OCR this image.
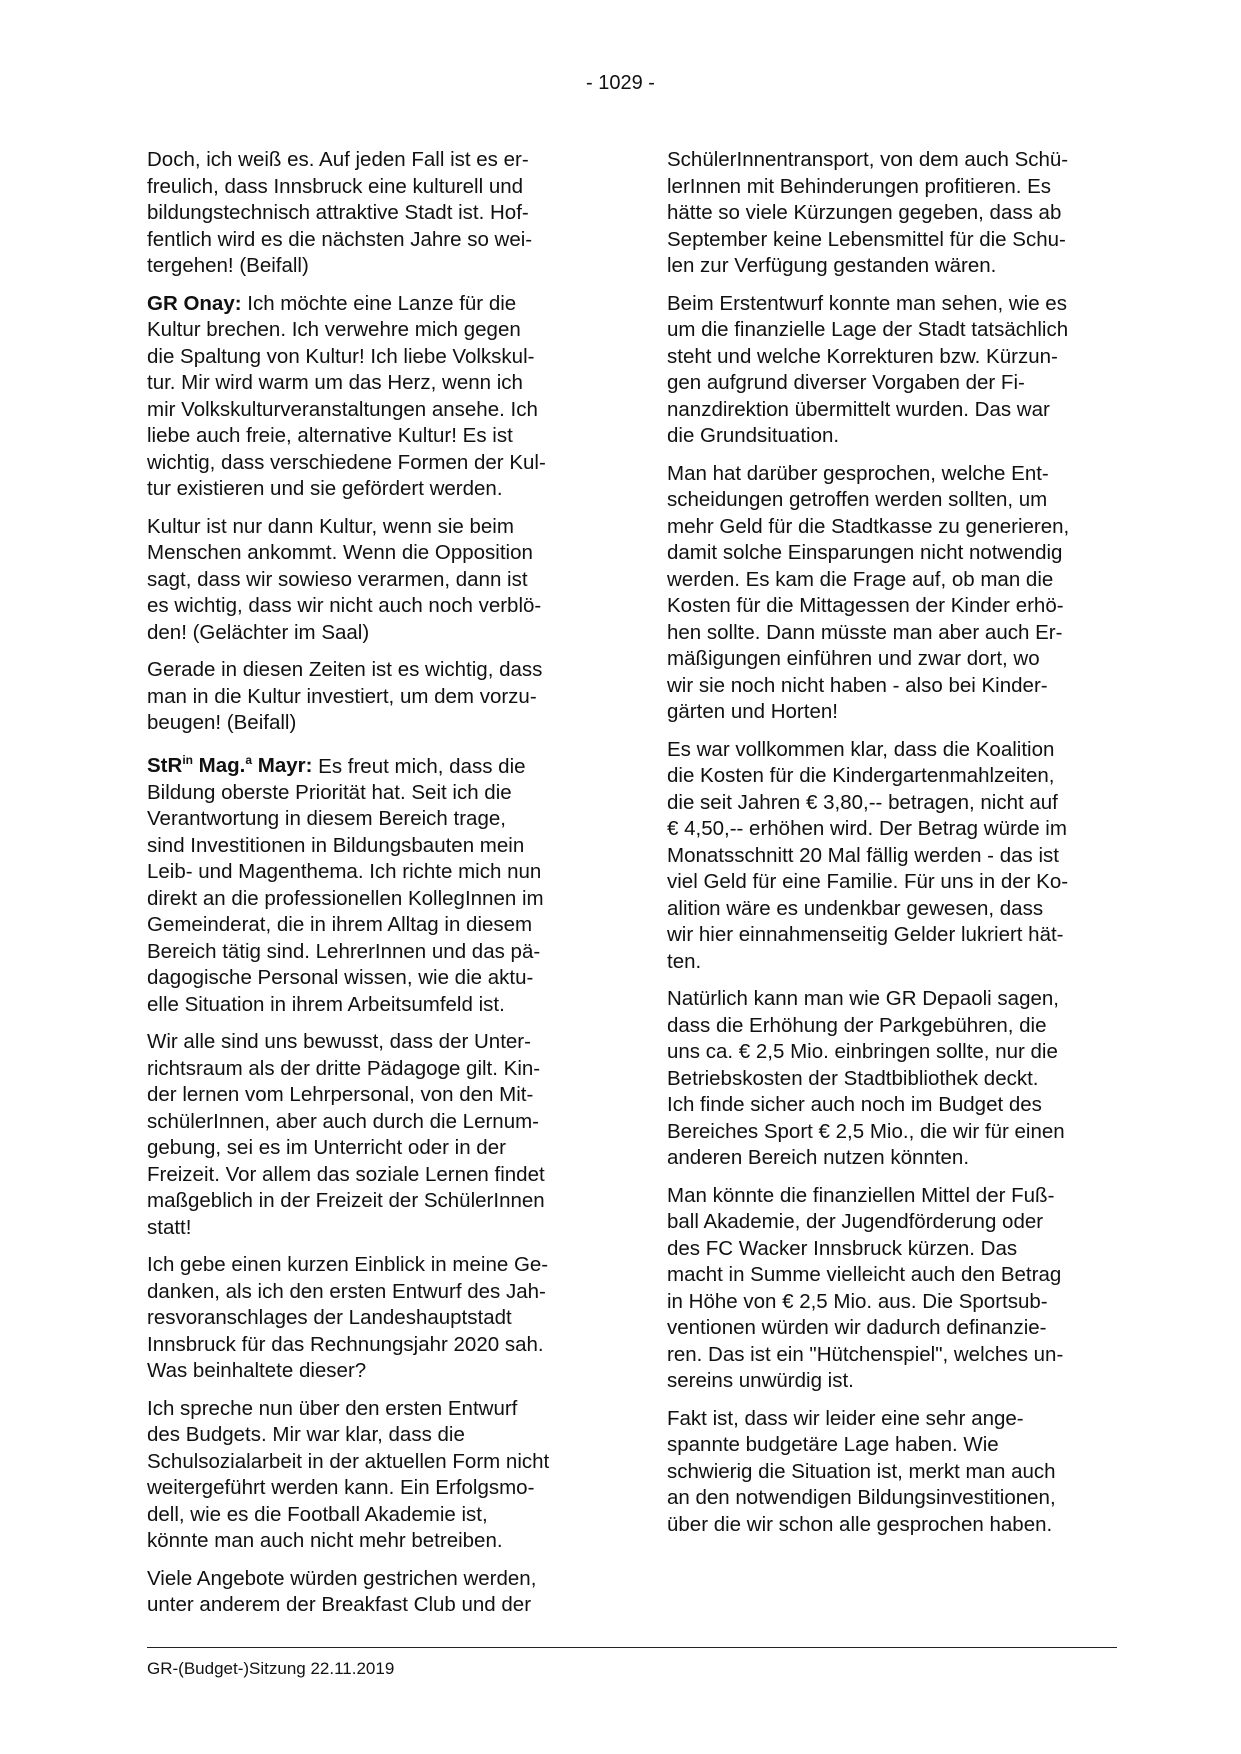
- 1029 -

Doch, ich weiß es. Auf jeden Fall ist es er-
freulich, dass Innsbruck eine kulturell und
bildungstechnisch attraktive Stadt ist. Hof-
fentlich wird es die nächsten Jahre so wei-
tergehen! (Beifall)

GR Onay: Ich möchte eine Lanze für die
Kultur brechen. Ich verwehre mich gegen
die Spaltung von Kultur! Ich liebe Volkskul-
tur. Mir wird warm um das Herz, wenn ich
mir Volkskulturveranstaltungen ansehe. Ich
liebe auch freie, alternative Kultur! Es ist
wichtig, dass verschiedene Formen der Kul-
tur existieren und sie gefördert werden.

Kultur ist nur dann Kultur, wenn sie beim
Menschen ankommt. Wenn die Opposition
sagt, dass wir sowieso verarmen, dann ist
es wichtig, dass wir nicht auch noch verblö-
den! (Gelächter im Saal)

Gerade in diesen Zeiten ist es wichtig, dass
man in die Kultur investiert, um dem vorzu-
beugen! (Beifall)

StR$^{in}$ Mag.$^a$ Mayr: Es freut mich, dass die
Bildung oberste Priorität hat. Seit ich die
Verantwortung in diesem Bereich trage,
sind Investitionen in Bildungsbauten mein
Leib- und Magenthema. Ich richte mich nun
direkt an die professionellen KollegInnen im
Gemeinderat, die in ihrem Alltag in diesem
Bereich tätig sind. LehrerInnen und das pä-
dagogische Personal wissen, wie die aktu-
elle Situation in ihrem Arbeitsumfeld ist.

Wir alle sind uns bewusst, dass der Unter-
richtsraum als der dritte Pädagoge gilt. Kin-
der lernen vom Lehrpersonal, von den Mit-
schülerInnen, aber auch durch die Lernum-
gebung, sei es im Unterricht oder in der
Freizeit. Vor allem das soziale Lernen findet
maßgeblich in der Freizeit der SchülerInnen
statt!

Ich gebe einen kurzen Einblick in meine Ge-
danken, als ich den ersten Entwurf des Jah-
resvoranschlages der Landeshauptstadt
Innsbruck für das Rechnungsjahr 2020 sah.
Was beinhaltete dieser?

Ich spreche nun über den ersten Entwurf
des Budgets. Mir war klar, dass die
Schulsozialarbeit in der aktuellen Form nicht
weitergeführt werden kann. Ein Erfolgsmo-
dell, wie es die Football Akademie ist,
könnte man auch nicht mehr betreiben.

Viele Angebote würden gestrichen werden,
unter anderem der Breakfast Club und der

SchülerInnentransport, von dem auch Schü-
lerInnen mit Behinderungen profitieren. Es
hätte so viele Kürzungen gegeben, dass ab
September keine Lebensmittel für die Schu-
len zur Verfügung gestanden wären.

Beim Erstentwurf konnte man sehen, wie es
um die finanzielle Lage der Stadt tatsächlich
steht und welche Korrekturen bzw. Kürzun-
gen aufgrund diverser Vorgaben der Fi-
nanzdirektion übermittelt wurden. Das war
die Grundsituation.

Man hat darüber gesprochen, welche Ent-
scheidungen getroffen werden sollten, um
mehr Geld für die Stadtkasse zu generieren,
damit solche Einsparungen nicht notwendig
werden. Es kam die Frage auf, ob man die
Kosten für die Mittagessen der Kinder erhö-
hen sollte. Dann müsste man aber auch Er-
mäßigungen einführen und zwar dort, wo
wir sie noch nicht haben - also bei Kinder-
gärten und Horten!

Es war vollkommen klar, dass die Koalition
die Kosten für die Kindergartenmahlzeiten,
die seit Jahren € 3,80,-- betragen, nicht auf
€ 4,50,-- erhöhen wird. Der Betrag würde im
Monatsschnitt 20 Mal fällig werden - das ist
viel Geld für eine Familie. Für uns in der Ko-
alition wäre es undenkbar gewesen, dass
wir hier einnahmenseitig Gelder lukriert hät-
ten.

Natürlich kann man wie GR Depaoli sagen,
dass die Erhöhung der Parkgebühren, die
uns ca. € 2,5 Mio. einbringen sollte, nur die
Betriebskosten der Stadtbibliothek deckt.
Ich finde sicher auch noch im Budget des
Bereiches Sport € 2,5 Mio., die wir für einen
anderen Bereich nutzen könnten.

Man könnte die finanziellen Mittel der Fuß-
ball Akademie, der Jugendförderung oder
des FC Wacker Innsbruck kürzen. Das
macht in Summe vielleicht auch den Betrag
in Höhe von € 2,5 Mio. aus. Die Sportsub-
ventionen würden wir dadurch definanzie-
ren. Das ist ein "Hütchenspiel", welches un-
sereins unwürdig ist.

Fakt ist, dass wir leider eine sehr ange-
spannte budgetäre Lage haben. Wie
schwierig die Situation ist, merkt man auch
an den notwendigen Bildungsinvestitionen,
über die wir schon alle gesprochen haben.

GR-(Budget-)Sitzung 22.11.2019
